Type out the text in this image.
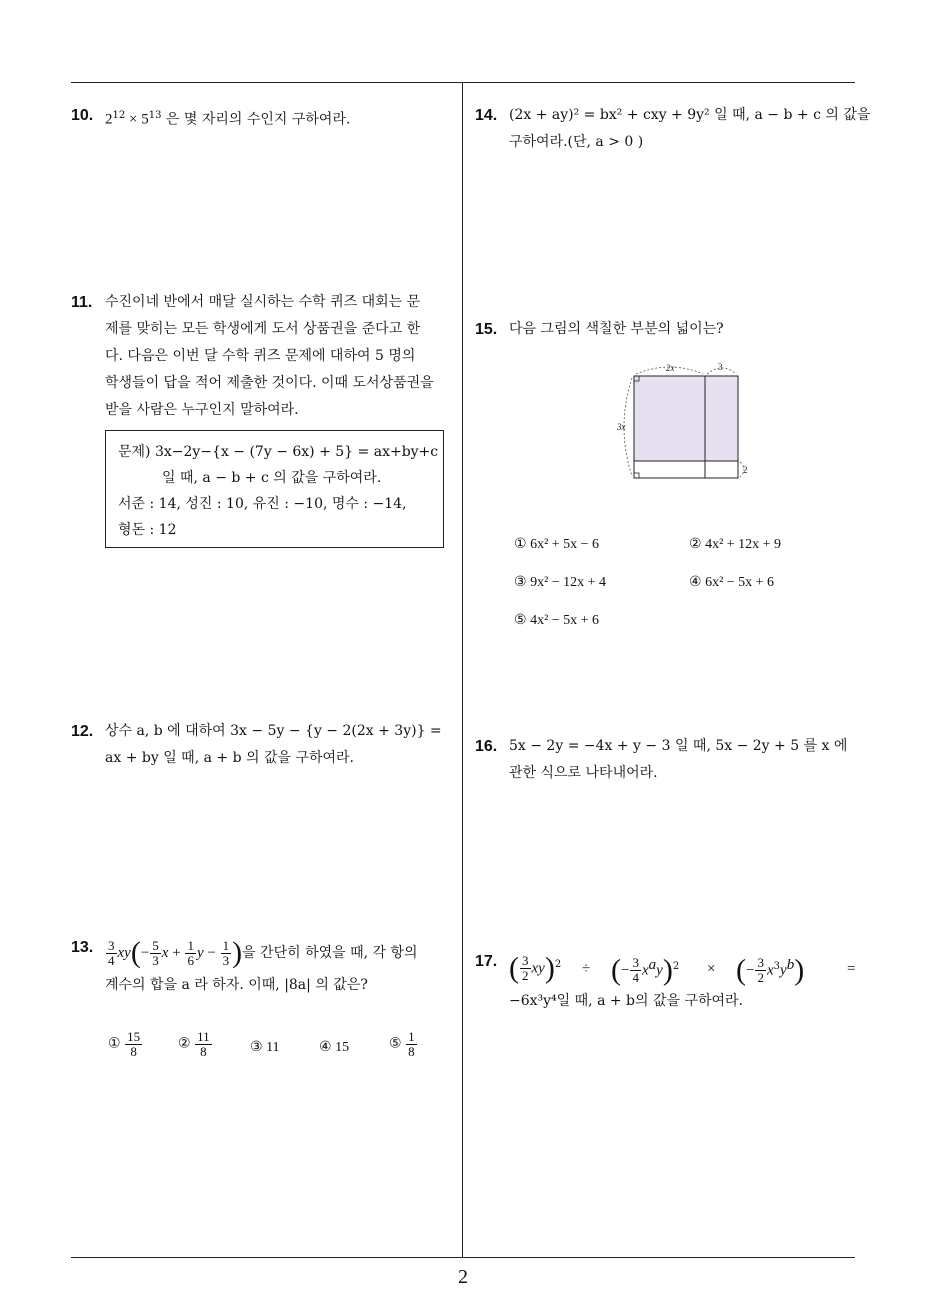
2
10. $2^{12} \times 5^{13}$ 은 몇 자리의 수인지 구하여라.
11. 수진이네 반에서 매달 실시하는 수학 퀴즈 대회는 문
제를 맞히는 모든 학생에게 도서 상품권을 준다고 한
다. 다음은 이번 달 수학 퀴즈 문제에 대하여 5 명의
학생들이 답을 적어 제출한 것이다. 이때 도서상품권을
받을 사람은 누구인지 말하여라.
문제) 3x−2y−{x − (7y − 6x) + 5} = ax+by+c
일 때, a − b + c 의 값을 구하여라.
서준 : 14, 성진 : 10, 유진 : −10, 명수 : −14,
형돈 : 12
12. 상수 a, b 에 대하여 3x − 5y − {y − 2(2x + 3y)} =
ax + by 일 때, a + b 의 값을 구하여라.
13. $\frac{3}{4} xy(- \frac{5}{3}$ $x + \frac{1}{6}$ $y - \frac{1}{3}$ )을 간단히 하였을 때, 각 항의
계수의 합을 a 라 하자. 이때, |8a| 의 값은?
① $\frac{15}{8}$	② $\frac{11}{8}$	③ 11	④ 15	⑤ $\frac{1}{8}$
14. (2x + ay)² = bx² + cxy + 9y² 일 때, a − b + c 의 값을
구하여라.(단, a > 0 )
15. 다음 그림의 색칠한 부분의 넓이는?
2x	3
3x
2
① 6x² + 5x − 6	② 4x² + 12x + 9
③ 9x² − 12x + 4	④ 6x² − 5x + 6
⑤ 4x² − 5x + 6
16. 5x − 2y = −4x + y − 3 일 때, 5x − 2y + 5 를 x 에
관한 식으로 나타내어라.
17. ( $\frac{3}{2} xy)^2$ ÷ (− $\frac{3}{4} x^ay)^2$ × (− $\frac{3}{2} x^3y^b$)	=
−6x³y⁴일 때, a + b의 값을 구하여라.
